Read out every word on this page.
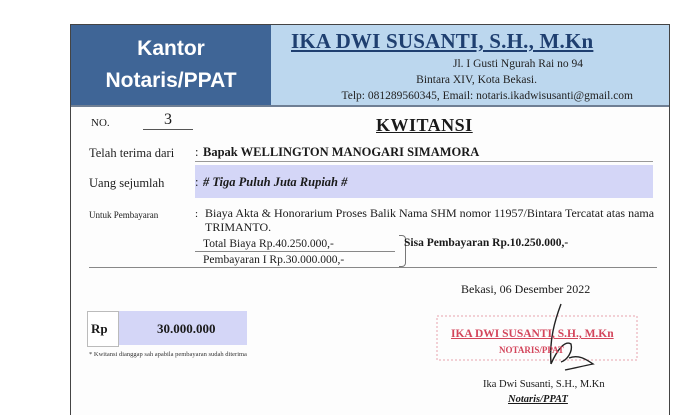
Kantor
Notaris/PPAT
IKA DWI SUSANTI, S.H., M.Kn
Jl. I Gusti Ngurah Rai no 94
Bintara XIV, Kota Bekasi.
Telp: 081289560345, Email: notaris.ikadwisusanti@gmail.com
NO.	3	KWITANSI
Telah terima dari : Bapak WELLINGTON MANOGARI SIMAMORA
Uang sejumlah : # Tiga Puluh Juta Rupiah #
Untuk Pembayaran	: Biaya Akta & Honorarium Proses Balik Nama SHM nomor 11957/Bintara Tercatat atas nama TRIMANTO.
Total Biaya Rp.40.250.000,-	Sisa Pembayaran Rp.10.250.000,-
Pembayaran I Rp.30.000.000,-
Bekasi, 06 Desember 2022
Rp	30.000.000
* Kwitansi dianggap sah apabila pembayaran sudah diterima
IKA DWI SUSANTI, S.H., M.Kn
NOTARIS/PPAT
Ika Dwi Susanti, S.H., M.Kn
Notaris/PPAT
